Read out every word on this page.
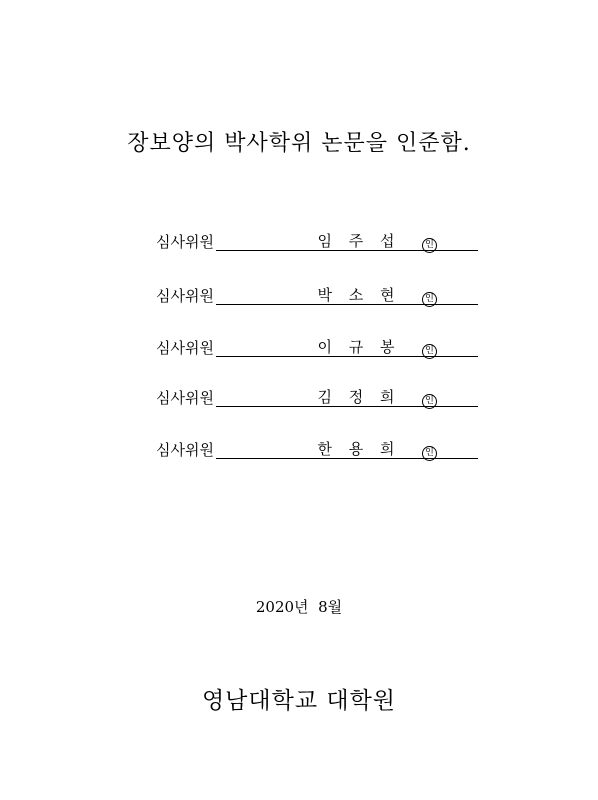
장보양의 박사학위 논문을 인준함.
심사위원	임 주 섭	인
심사위원	박 소 현	인
심사위원	이 규 봉	인
심사위원	김 정 희	인
심사위원	한 용 희	인
2020년  8월
영남대학교 대학원
